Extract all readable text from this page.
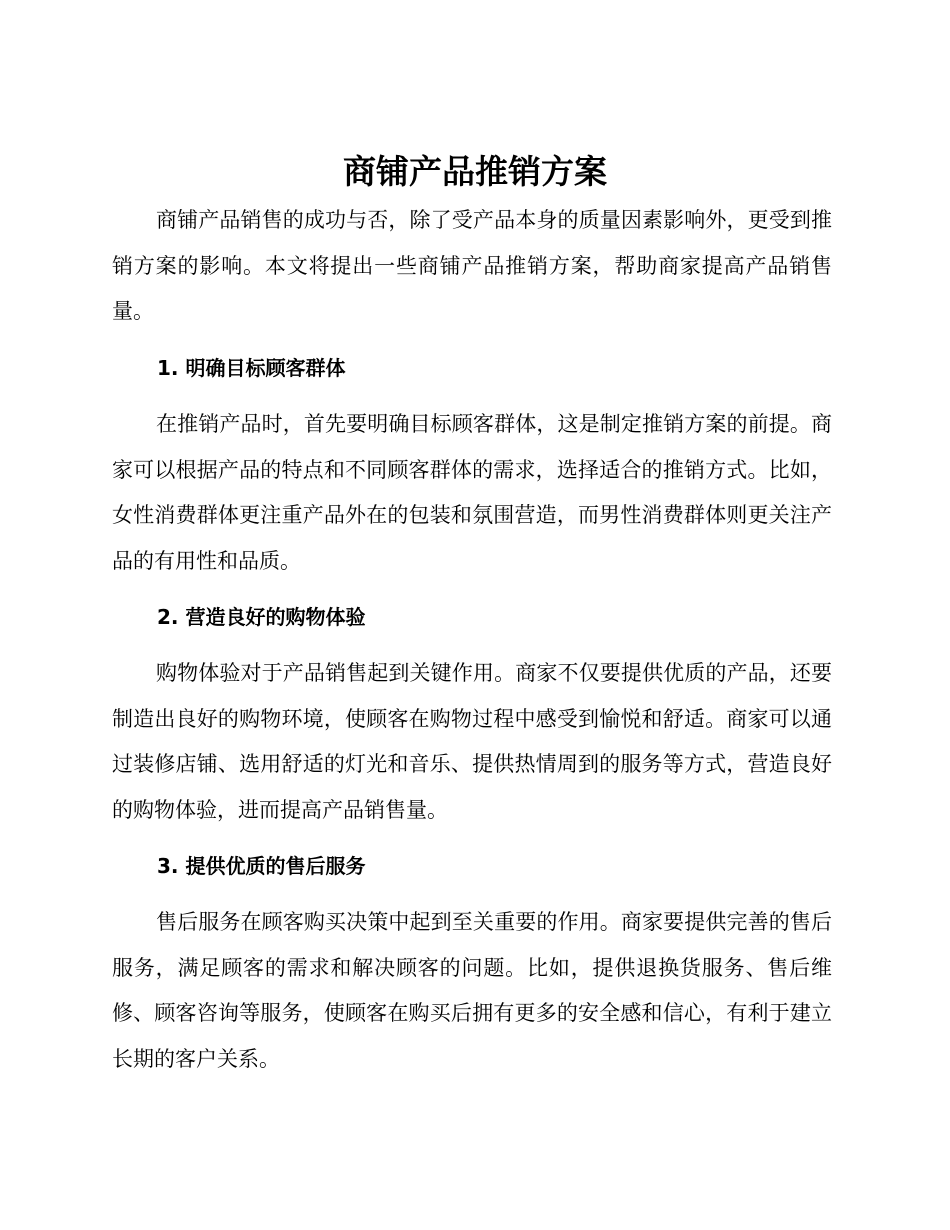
商铺产品推销方案

商铺产品销售的成功与否，除了受产品本身的质量因素影响外，更受到推销方案的影响。本文将提出一些商铺产品推销方案，帮助商家提高产品销售量。

1. 明确目标顾客群体

在推销产品时，首先要明确目标顾客群体，这是制定推销方案的前提。商家可以根据产品的特点和不同顾客群体的需求，选择适合的推销方式。比如，女性消费群体更注重产品外在的包装和氛围营造，而男性消费群体则更关注产品的有用性和品质。

2. 营造良好的购物体验

购物体验对于产品销售起到关键作用。商家不仅要提供优质的产品，还要制造出良好的购物环境，使顾客在购物过程中感受到愉悦和舒适。商家可以通过装修店铺、选用舒适的灯光和音乐、提供热情周到的服务等方式，营造良好的购物体验，进而提高产品销售量。

3. 提供优质的售后服务

售后服务在顾客购买决策中起到至关重要的作用。商家要提供完善的售后服务，满足顾客的需求和解决顾客的问题。比如，提供退换货服务、售后维修、顾客咨询等服务，使顾客在购买后拥有更多的安全感和信心，有利于建立长期的客户关系。
